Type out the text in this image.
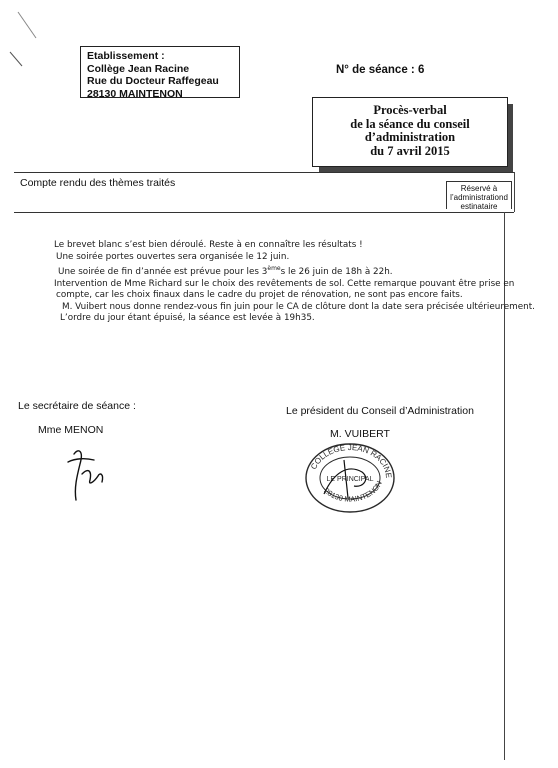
Etablissement :
Collège Jean Racine
Rue du Docteur Raffegeau
28130 MAINTENON
N° de séance : 6
Procès-verbal
de la séance du conseil
d’administration
du 7 avril 2015
Compte rendu des thèmes traités	Réservé à
l’administrationd
estinataire

Le brevet blanc s’est bien déroulé. Reste à en connaître les résultats !

Une soirée portes ouvertes sera organisée le 12 juin.

Une soirée de fin d’année est prévue pour les 3èmes le 26 juin de 18h à 22h.

Intervention de Mme Richard sur le choix des revêtements de sol. Cette remarque pouvant être prise en

compte, car les choix finaux dans le cadre du projet de rénovation, ne sont pas encore faits.

M. Vuibert nous donne rendez-vous fin juin pour le CA de clôture dont la date sera précisée ultérieurement.

L’ordre du jour étant épuisé, la séance est levée à 19h35.

Le secrétaire de séance :
Mme MENON
Le président du Conseil d’Administration
M. VUIBERT
COLLÈGE JEAN RACINE
28130 MAINTENON
LE PRINCIPAL
